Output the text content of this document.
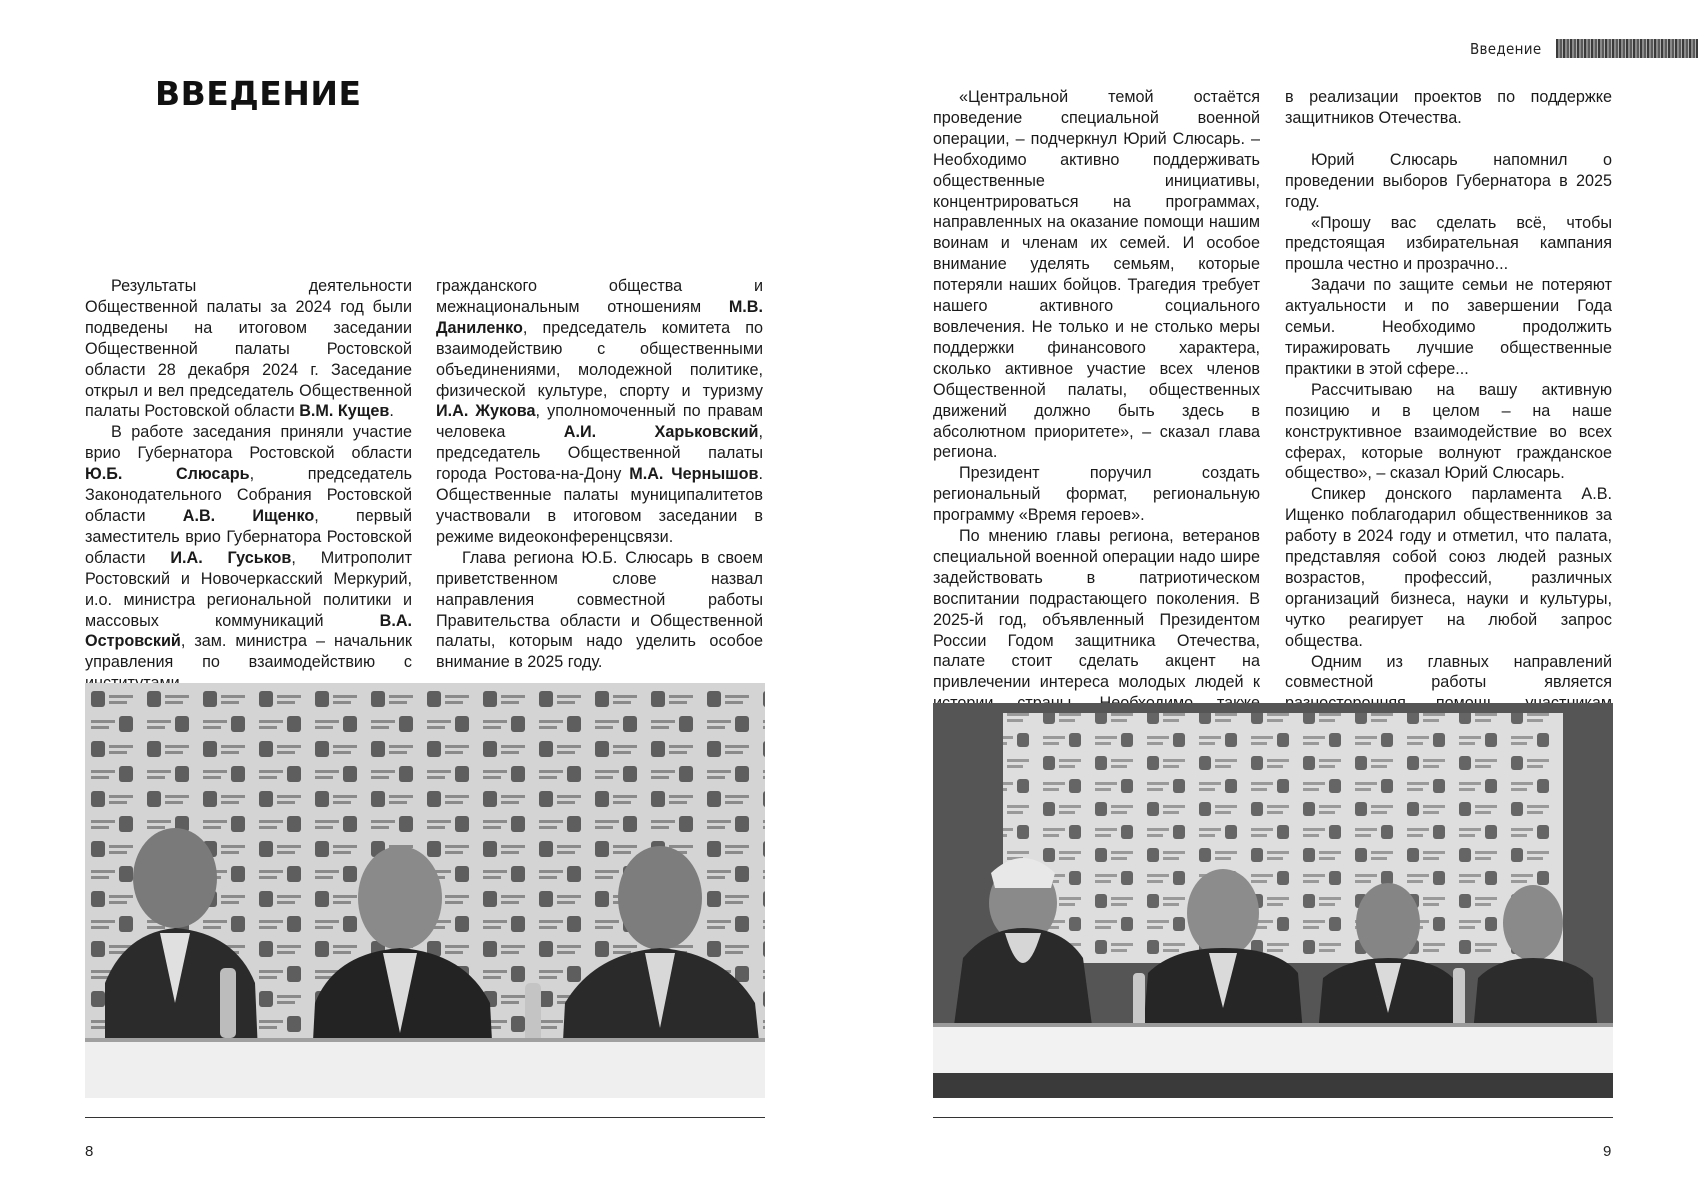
Введение
ВВЕДЕНИЕ

Результаты деятельности Общественной палаты за 2024 год были подведены на итоговом заседании Общественной палаты Ростовской области 28 декабря 2024 г. Заседание открыл и вел председатель Общественной палаты Ростовской области В.М. Кущев.

В работе заседания приняли участие врио Губернатора Ростовской области Ю.Б. Слюсарь, председатель Законодательного Собрания Ростовской области А.В. Ищенко, первый заместитель врио Губернатора Ростовской области И.А. Гуськов, Митрополит Ростовский и Новочеркасский Меркурий, и.о. министра региональной политики и массовых коммуникаций В.А. Островский, зам. министра – начальник управления по взаимодействию с

гражданского общества и межнациональным отношениям М.В. Даниленко, председатель комитета по взаимодействию с общественными объединениями, молодежной политике, физической культуре, спорту и туризму И.А. Жукова, уполномоченный по правам человека А.И. Харьковский, председатель Общественной палаты города Ростова-на-Дону М.А. Чернышов. Общественные палаты муниципалитетов участвовали в итоговом заседании в режиме видеоконференцсвязи.

Глава региона Ю.Б. Слюсарь в своем приветственном слове назвал направления совместной работы Правительства области и Общественной палаты, которым надо уделить особое внимание в 2025 году.

«Центральной темой остаётся проведение специальной военной операции, – подчеркнул Юрий Слюсарь. – Необходимо активно поддерживать общественные инициативы, концентрироваться на программах, направленных на оказание помощи нашим воинам и членам их семей. И особое внимание уделять семьям, которые потеряли наших бойцов. Трагедия требует нашего активного социального вовлечения. Не только и не столько меры поддержки финансового характера, сколько активное участие всех членов Общественной палаты, общественных движений должно быть здесь в абсолютном приоритете», – сказал глава региона.

Президент поручил создать региональный формат, региональную программу «Время героев».

По мнению главы региона, ветеранов специальной военной операции надо шире задействовать в патриотическом воспитании подрастающего поколения. В 2025-й год, объявленный Президентом России Годом защитника Отечества, палате стоит сделать акцент на привлечении интереса молодых людей к

в реализации проектов по поддержке защитников Отечества.

Юрий Слюсарь напомнил о проведении выборов Губернатора в 2025 году.

«Прошу вас сделать всё, чтобы предстоящая избирательная кампания прошла честно и прозрачно...

Задачи по защите семьи не потеряют актуальности и по завершении Года семьи. Необходимо продолжить тиражировать лучшие общественные практики в этой сфере...

Рассчитываю на вашу активную позицию и в целом – на наше конструктивное взаимодействие во всех сферах, которые волнуют гражданское общество», – сказал Юрий Слюсарь.

Спикер донского парламента А.В. Ищенко поблагодарил общественников за работу в 2024 году и отметил, что палата, представляя собой союз людей разных возрастов, профессий, различных организаций бизнеса, науки и культуры, чутко реагирует на любой запрос общества.

Одним из главных направлений совместной работы является

8	9
